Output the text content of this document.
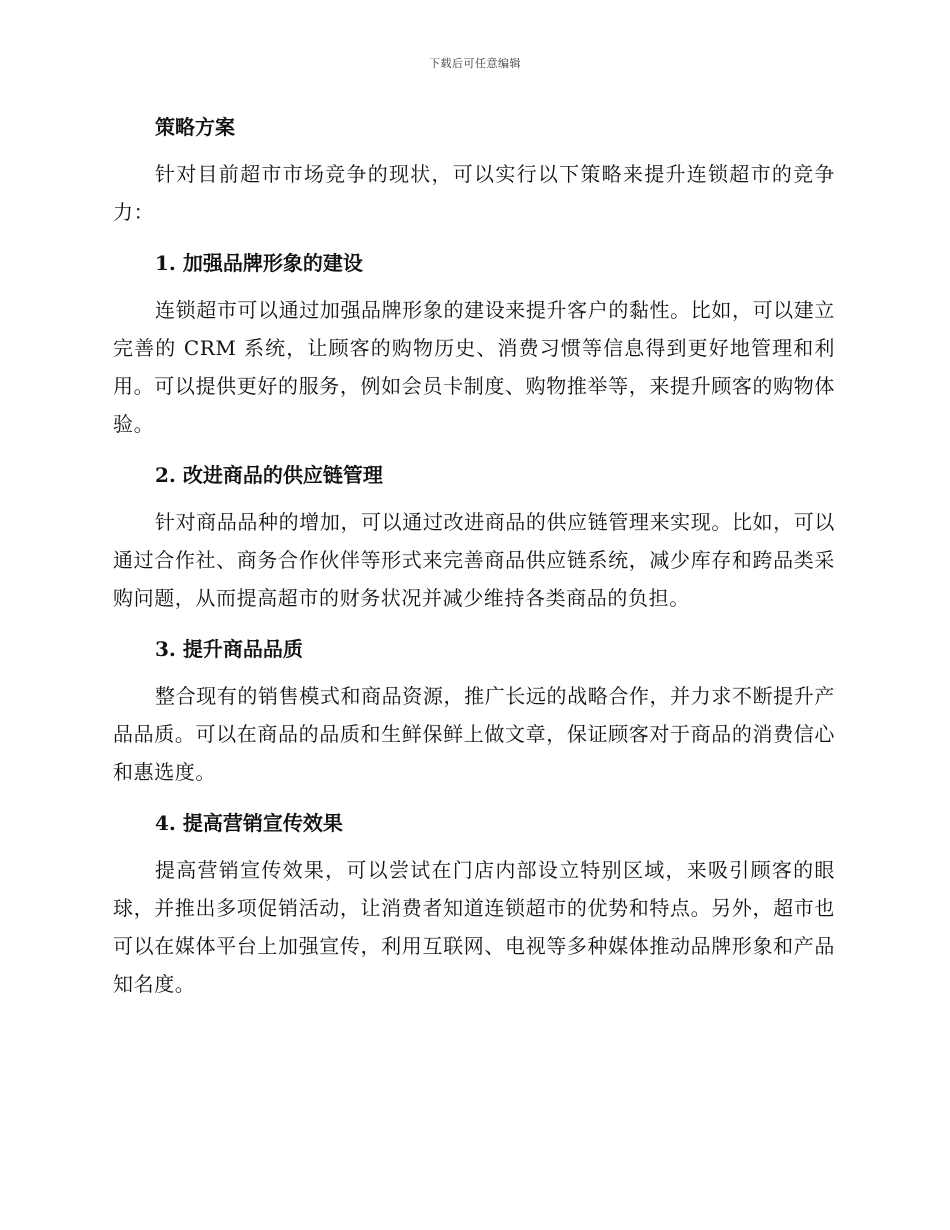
下载后可任意编辑
策略方案

针对目前超市市场竞争的现状，可以实行以下策略来提升连锁超市的竞争力：

1. 加强品牌形象的建设

连锁超市可以通过加强品牌形象的建设来提升客户的黏性。比如，可以建立完善的 CRM 系统，让顾客的购物历史、消费习惯等信息得到更好地管理和利用。可以提供更好的服务，例如会员卡制度、购物推举等，来提升顾客的购物体验。

2. 改进商品的供应链管理

针对商品品种的增加，可以通过改进商品的供应链管理来实现。比如，可以通过合作社、商务合作伙伴等形式来完善商品供应链系统，减少库存和跨品类采购问题，从而提高超市的财务状况并减少维持各类商品的负担。

3. 提升商品品质

整合现有的销售模式和商品资源，推广长远的战略合作，并力求不断提升产品品质。可以在商品的品质和生鲜保鲜上做文章，保证顾客对于商品的消费信心和惠选度。

4. 提高营销宣传效果

提高营销宣传效果，可以尝试在门店内部设立特别区域，来吸引顾客的眼球，并推出多项促销活动，让消费者知道连锁超市的优势和特点。另外，超市也可以在媒体平台上加强宣传，利用互联网、电视等多种媒体推动品牌形象和产品知名度。
